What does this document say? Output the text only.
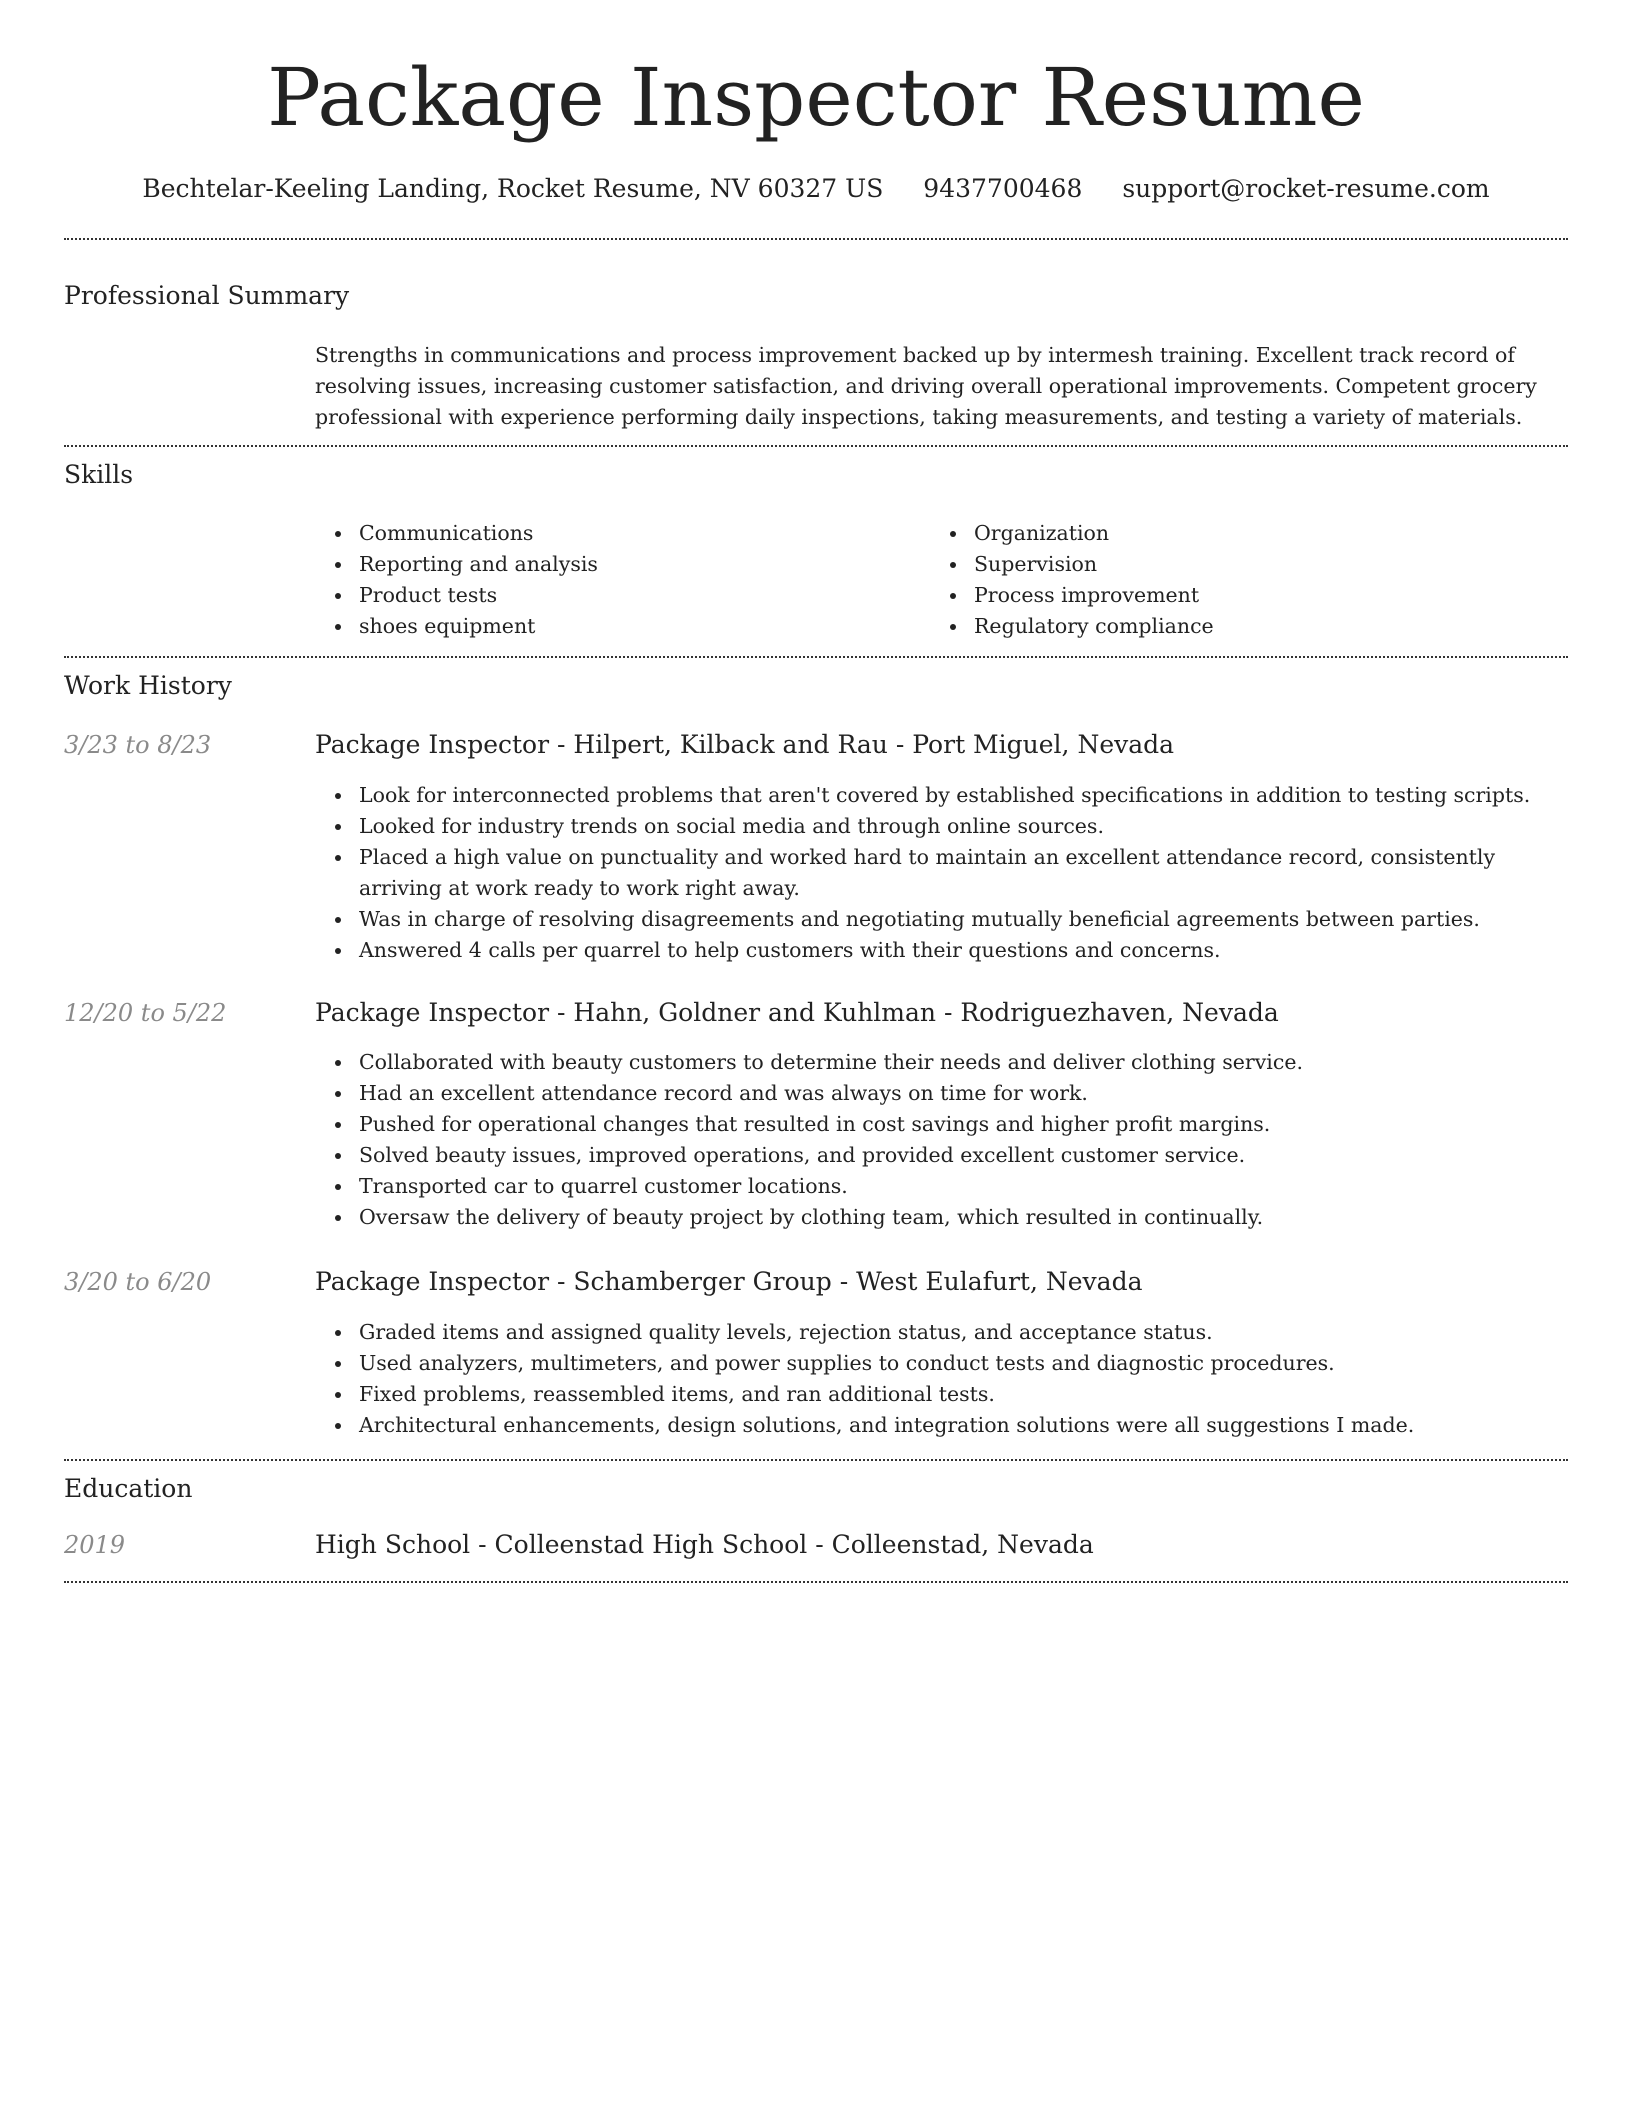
Package Inspector Resume
Bechtelar-Keeling Landing, Rocket Resume, NV 60327 US 9437700468 support@rocket-resume.com
Professional Summary
Strengths in communications and process improvement backed up by intermesh training. Excellent track record of resolving issues, increasing customer satisfaction, and driving overall operational improvements. Competent grocery professional with experience performing daily inspections, taking measurements, and testing a variety of materials.
Skills
Communications
Reporting and analysis
Product tests
shoes equipment
Organization
Supervision
Process improvement
Regulatory compliance
Work History
3/23 to 8/23	Package Inspector - Hilpert, Kilback and Rau - Port Miguel, Nevada
Look for interconnected problems that aren't covered by established specifications in addition to testing scripts.
Looked for industry trends on social media and through online sources.
Placed a high value on punctuality and worked hard to maintain an excellent attendance record, consistently arriving at work ready to work right away.
Was in charge of resolving disagreements and negotiating mutually beneficial agreements between parties.
Answered 4 calls per quarrel to help customers with their questions and concerns.
12/20 to 5/22	Package Inspector - Hahn, Goldner and Kuhlman - Rodriguezhaven, Nevada
Collaborated with beauty customers to determine their needs and deliver clothing service.
Had an excellent attendance record and was always on time for work.
Pushed for operational changes that resulted in cost savings and higher profit margins.
Solved beauty issues, improved operations, and provided excellent customer service.
Transported car to quarrel customer locations.
Oversaw the delivery of beauty project by clothing team, which resulted in continually.
3/20 to 6/20	Package Inspector - Schamberger Group - West Eulafurt, Nevada
Graded items and assigned quality levels, rejection status, and acceptance status.
Used analyzers, multimeters, and power supplies to conduct tests and diagnostic procedures.
Fixed problems, reassembled items, and ran additional tests.
Architectural enhancements, design solutions, and integration solutions were all suggestions I made.
Education
2019	High School - Colleenstad High School - Colleenstad, Nevada
